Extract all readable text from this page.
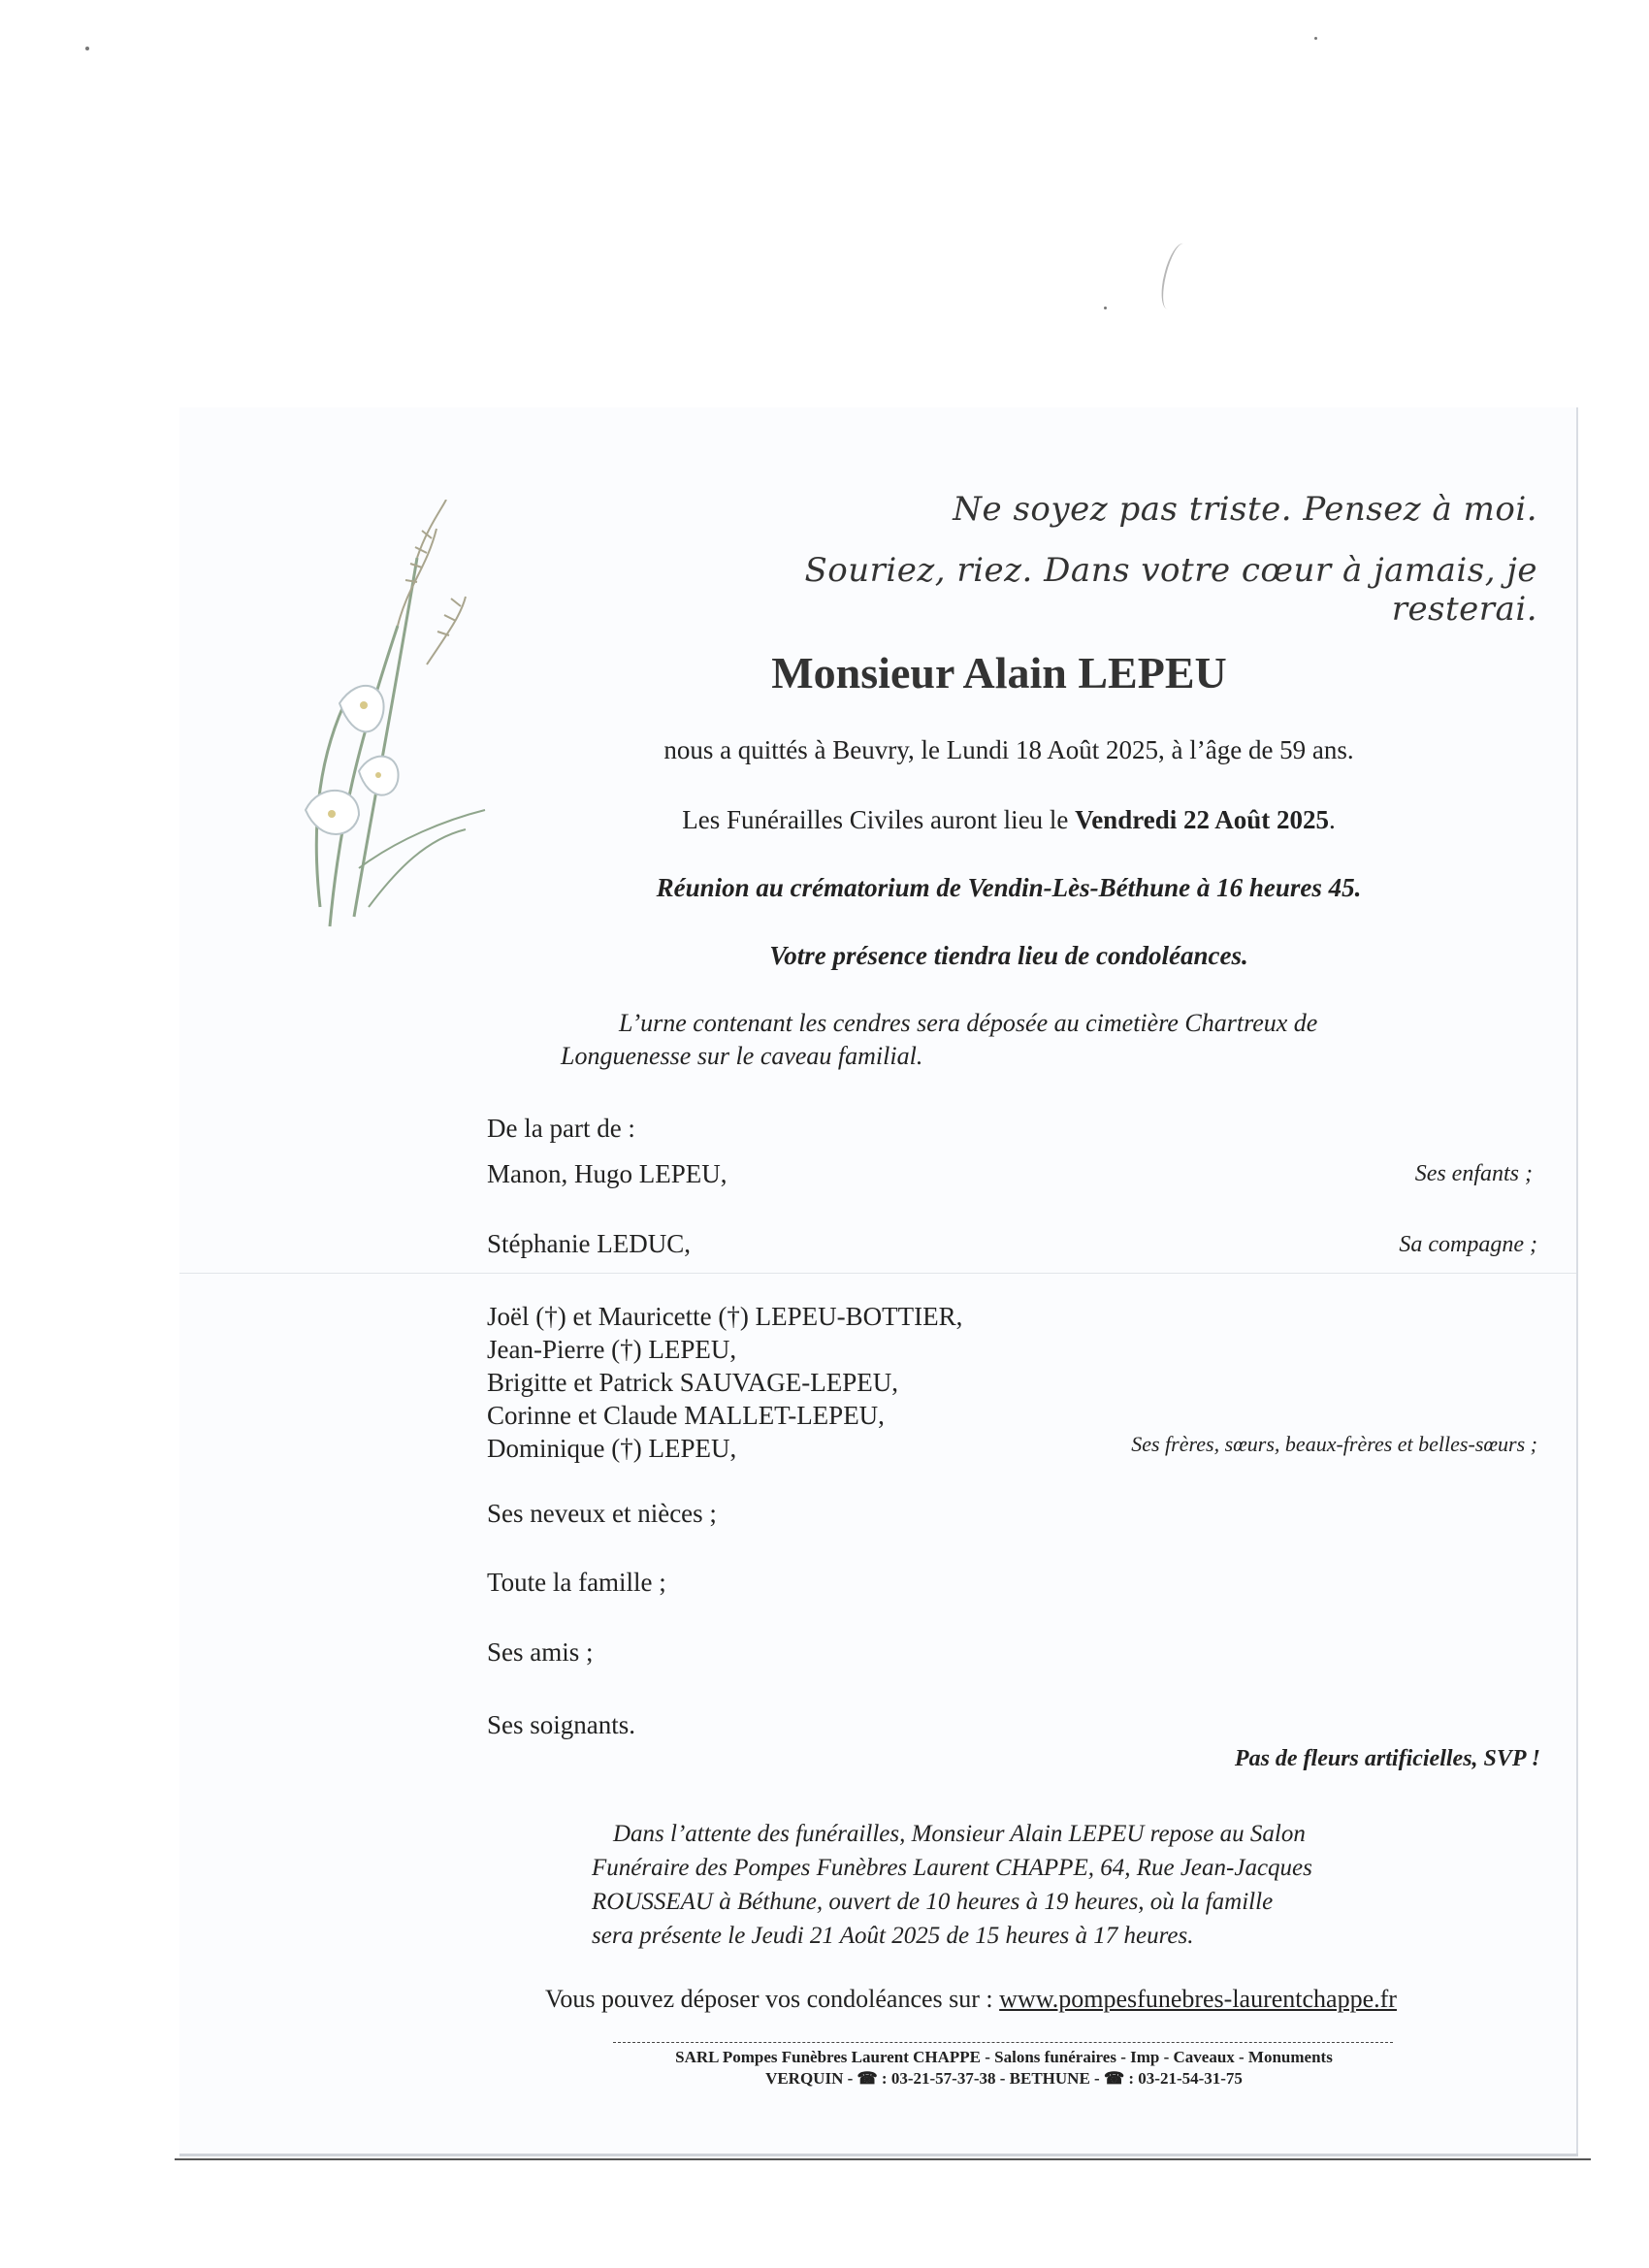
Ne soyez pas triste. Pensez à moi.
Souriez, riez. Dans votre cœur à jamais, je resterai.
Monsieur Alain LEPEU
nous a quittés à Beuvry, le Lundi 18 Août 2025, à l’âge de 59 ans.
Les Funérailles Civiles auront lieu le Vendredi 22 Août 2025.
Réunion au crématorium de Vendin-Lès-Béthune à 16 heures 45.
Votre présence tiendra lieu de condoléances.
L’urne contenant les cendres sera déposée au cimetière Chartreux de
Longuenesse sur le caveau familial.
De la part de :
Manon, Hugo LEPEU,	Ses enfants ;
Stéphanie LEDUC,	Sa compagne ;
Joël (†) et Mauricette (†) LEPEU-BOTTIER,
Jean-Pierre (†) LEPEU,
Brigitte et Patrick SAUVAGE-LEPEU,
Corinne et Claude MALLET-LEPEU,
Dominique (†) LEPEU,	Ses frères, sœurs, beaux-frères et belles-sœurs ;
Ses neveux et nièces ;
Toute la famille ;
Ses amis ;
Ses soignants.
Pas de fleurs artificielles, SVP !
Dans l’attente des funérailles, Monsieur Alain LEPEU repose au Salon
Funéraire des Pompes Funèbres Laurent CHAPPE, 64, Rue Jean-Jacques
ROUSSEAU à Béthune, ouvert de 10 heures à 19 heures, où la famille
sera présente le Jeudi 21 Août 2025 de 15 heures à 17 heures.
Vous pouvez déposer vos condoléances sur : www.pompesfunebres-laurentchappe.fr
SARL Pompes Funèbres Laurent CHAPPE - Salons funéraires - Imp - Caveaux - Monuments
VERQUIN - ☎ : 03-21-57-37-38 - BETHUNE - ☎ : 03-21-54-31-75
